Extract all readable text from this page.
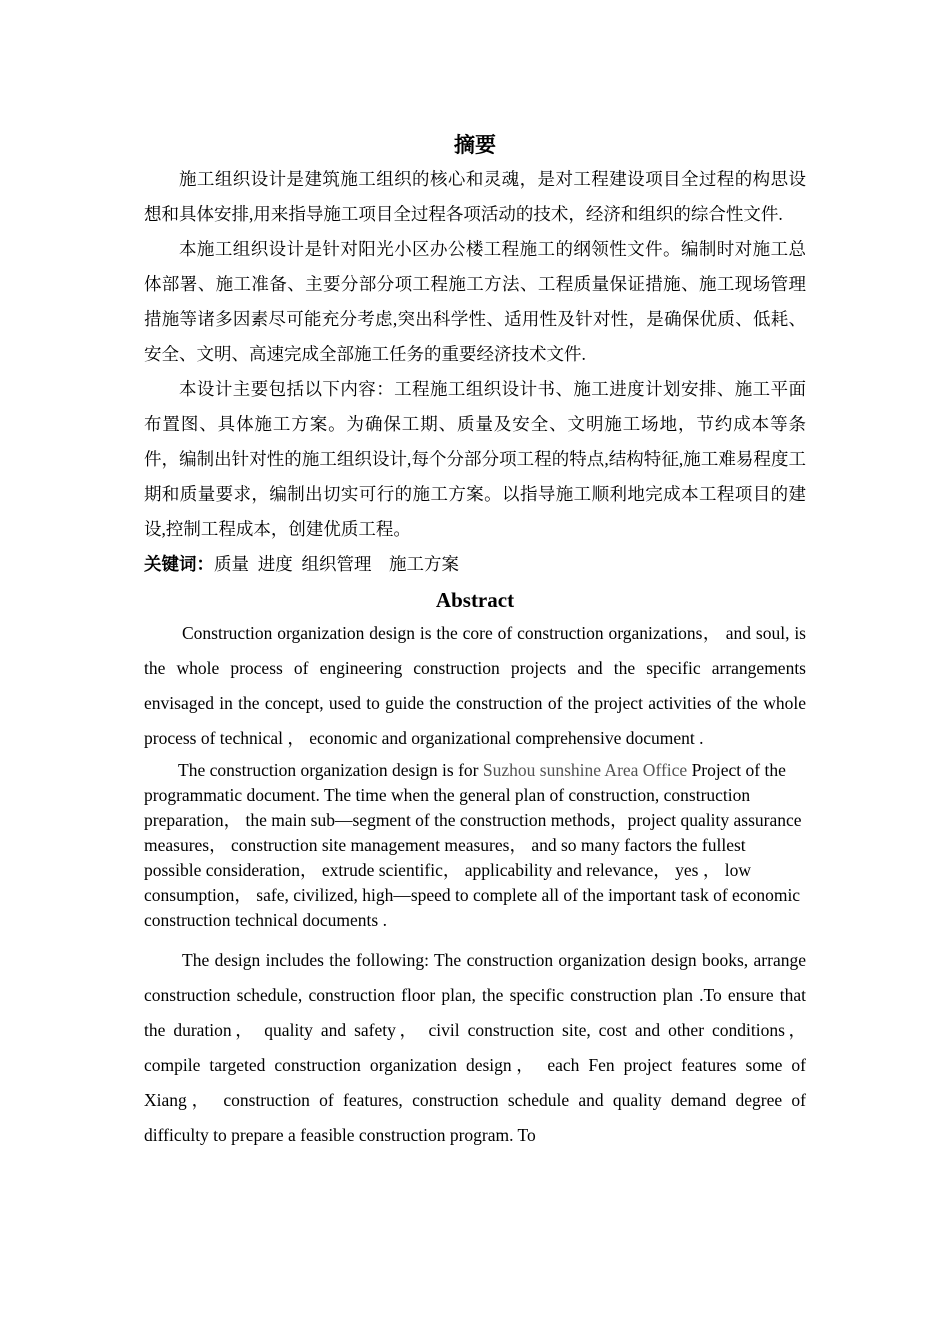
摘要

施工组织设计是建筑施工组织的核心和灵魂，是对工程建设项目全过程的构思设想和具体安排,用来指导施工项目全过程各项活动的技术，经济和组织的综合性文件.

本施工组织设计是针对阳光小区办公楼工程施工的纲领性文件。编制时对施工总体部署、施工准备、主要分部分项工程施工方法、工程质量保证措施、施工现场管理措施等诸多因素尽可能充分考虑,突出科学性、适用性及针对性，是确保优质、低耗、安全、文明、高速完成全部施工任务的重要经济技术文件.

本设计主要包括以下内容：工程施工组织设计书、施工进度计划安排、施工平面布置图、具体施工方案。为确保工期、质量及安全、文明施工场地，节约成本等条件，编制出针对性的施工组织设计,每个分部分项工程的特点,结构特征,施工难易程度工期和质量要求，编制出切实可行的施工方案。以指导施工顺利地完成本工程项目的建设,控制工程成本，创建优质工程。

关键词：质量  进度  组织管理    施工方案

Abstract

Construction organization design is the core of construction organizations， and soul, is the whole process of engineering construction projects and the specific arrangements envisaged in the concept, used to guide the construction of the project activities of the whole process of technical ， economic and organizational comprehensive document .

The construction organization design is for Suzhou sunshine Area Office Project of the programmatic document. The time when the general plan of construction, construction preparation， the main sub—segment of the construction methods，project quality assurance measures， construction site management measures， and so many factors the fullest possible consideration， extrude scientific， applicability and relevance， yes ， low consumption， safe, civilized, high—speed to complete all of the important task of economic construction technical documents .

The design includes the following: The construction organization design books, arrange construction schedule, construction floor plan, the specific construction plan .To ensure that the duration， quality and safety， civil construction site, cost and other conditions， compile targeted construction organization design， each Fen project features some of Xiang， construction of features, construction schedule and quality demand degree of difficulty to prepare a feasible construction program. To
